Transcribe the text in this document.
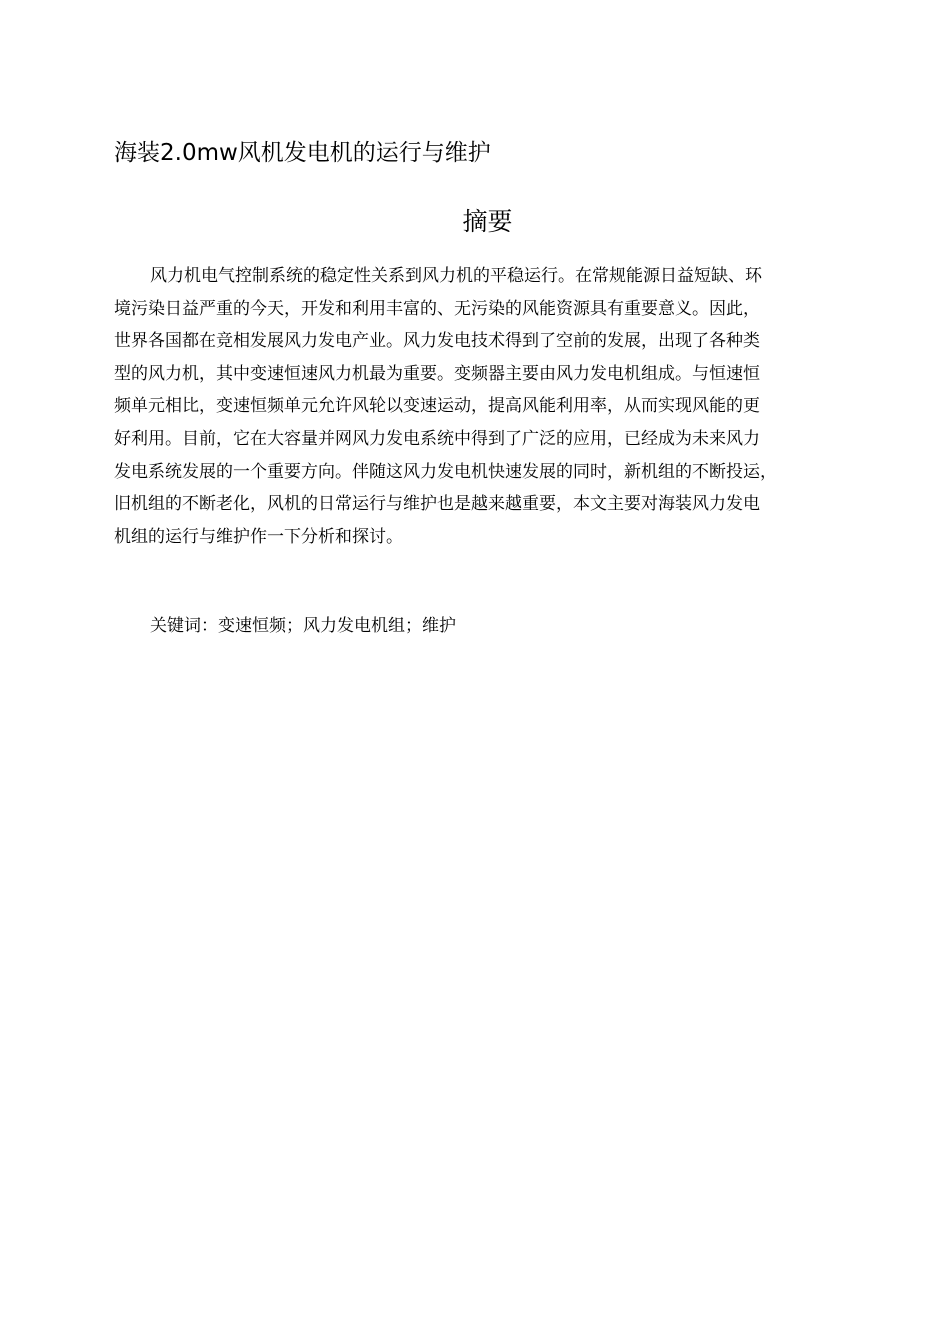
海装2.0mw风机发电机的运行与维护
摘要
风力机电气控制系统的稳定性关系到风力机的平稳运行。在常规能源日益短缺、环
境污染日益严重的今天，开发和利用丰富的、无污染的风能资源具有重要意义。因此，
世界各国都在竞相发展风力发电产业。风力发电技术得到了空前的发展，出现了各种类
型的风力机，其中变速恒速风力机最为重要。变频器主要由风力发电机组成。与恒速恒
频单元相比，变速恒频单元允许风轮以变速运动，提高风能利用率，从而实现风能的更
好利用。目前，它在大容量并网风力发电系统中得到了广泛的应用，已经成为未来风力
发电系统发展的一个重要方向。伴随这风力发电机快速发展的同时，新机组的不断投运，
旧机组的不断老化，风机的日常运行与维护也是越来越重要，本文主要对海装风力发电
机组的运行与维护作一下分析和探讨。
关键词：变速恒频；风力发电机组；维护
